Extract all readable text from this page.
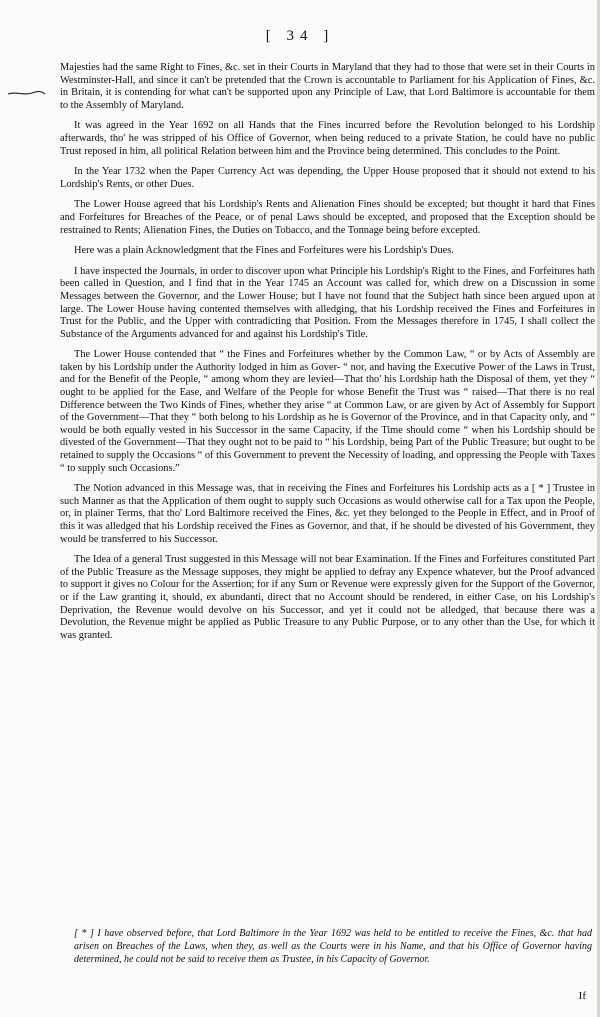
[ 34 ]

Majesties had the same Right to Fines, &c. set in their Courts in Maryland that they had to those that were set in their Courts in Westminster-Hall, and since it can't be pretended that the Crown is accountable to Parliament for his Application of Fines, &c. in Britain, it is contending for what can't be supported upon any Principle of Law, that Lord Baltimore is accountable for them to the Assembly of Maryland.

It was agreed in the Year 1692 on all Hands that the Fines incurred before the Revolution belonged to his Lordship afterwards, tho' he was stripped of his Office of Governor, when being reduced to a private Station, he could have no public Trust reposed in him, all political Relation between him and the Province being determined. This concludes to the Point.

In the Year 1732 when the Paper Currency Act was depending, the Upper House proposed that it should not extend to his Lordship's Rents, or other Dues.

The Lower House agreed that his Lordship's Rents and Alienation Fines should be excepted; but thought it hard that Fines and Forfeitures for Breaches of the Peace, or of penal Laws should be excepted, and proposed that the Exception should be restrained to Rents; Alienation Fines, the Duties on Tobacco, and the Tonnage being before excepted.

Here was a plain Acknowledgment that the Fines and Forfeitures were his Lordship's Dues.

I have inspected the Journals, in order to discover upon what Principle his Lordship's Right to the Fines, and Forfeitures hath been called in Question, and I find that in the Year 1745 an Account was called for, which drew on a Discussion in some Messages between the Governor, and the Lower House; but I have not found that the Subject hath since been argued upon at large. The Lower House having contented themselves with alledging, that his Lordship received the Fines and Forfeitures in Trust for the Public, and the Upper with contradicting that Position. From the Messages therefore in 1745, I shall collect the Substance of the Arguments advanced for and against his Lordship's Title.

The Lower House contended that “ the Fines and Forfeitures whether by the Common Law, “ or by Acts of Assembly are taken by his Lordship under the Authority lodged in him as Gover- “ nor, and having the Executive Power of the Laws in Trust, and for the Benefit of the People, “ among whom they are levied—That tho' his Lordship hath the Disposal of them, yet they “ ought to be applied for the Ease, and Welfare of the People for whose Benefit the Trust was “ raised—That there is no real Difference between the Two Kinds of Fines, whether they arise “ at Common Law, or are given by Act of Assembly for Support of the Government—That they “ both belong to his Lordship as he is Governor of the Province, and in that Capacity only, and “ would be both equally vested in his Successor in the same Capacity, if the Time should come “ when his Lordship should be divested of the Government—That they ought not to be paid to “ his Lordship, being Part of the Public Treasure; but ought to be retained to supply the Occasions “ of this Government to prevent the Necessity of loading, and oppressing the People with Taxes “ to supply such Occasions.”

The Notion advanced in this Message was, that in receiving the Fines and Forfeitures his Lordship acts as a [ * ] Trustee in such Manner as that the Application of them ought to supply such Occasions as would otherwise call for a Tax upon the People, or, in plainer Terms, that tho' Lord Baltimore received the Fines, &c. yet they belonged to the People in Effect, and in Proof of this it was alledged that his Lordship received the Fines as Governor, and that, if he should be divested of his Government, they would be transferred to his Successor.

The Idea of a general Trust suggested in this Message will not bear Examination. If the Fines and Forfeitures constituted Part of the Public Treasure as the Message supposes, they might be applied to defray any Expence whatever, but the Proof advanced to support it gives no Colour for the Assertion; for if any Sum or Revenue were expressly given for the Support of the Governor, or if the Law granting it, should, ex abundanti, direct that no Account should be rendered, in either Case, on his Lordship's Deprivation, the Revenue would devolve on his Successor, and yet it could not be alledged, that because there was a Devolution, the Revenue might be applied as Public Treasure to any Public Purpose, or to any other than the Use, for which it was granted.

[ * ] I have observed before, that Lord Baltimore in the Year 1692 was held to be entitled to receive the Fines, &c. that had arisen on Breaches of the Laws, when they, as well as the Courts were in his Name, and that his Office of Governor having determined, he could not be said to receive them as Trustee, in his Capacity of Governor.
If
